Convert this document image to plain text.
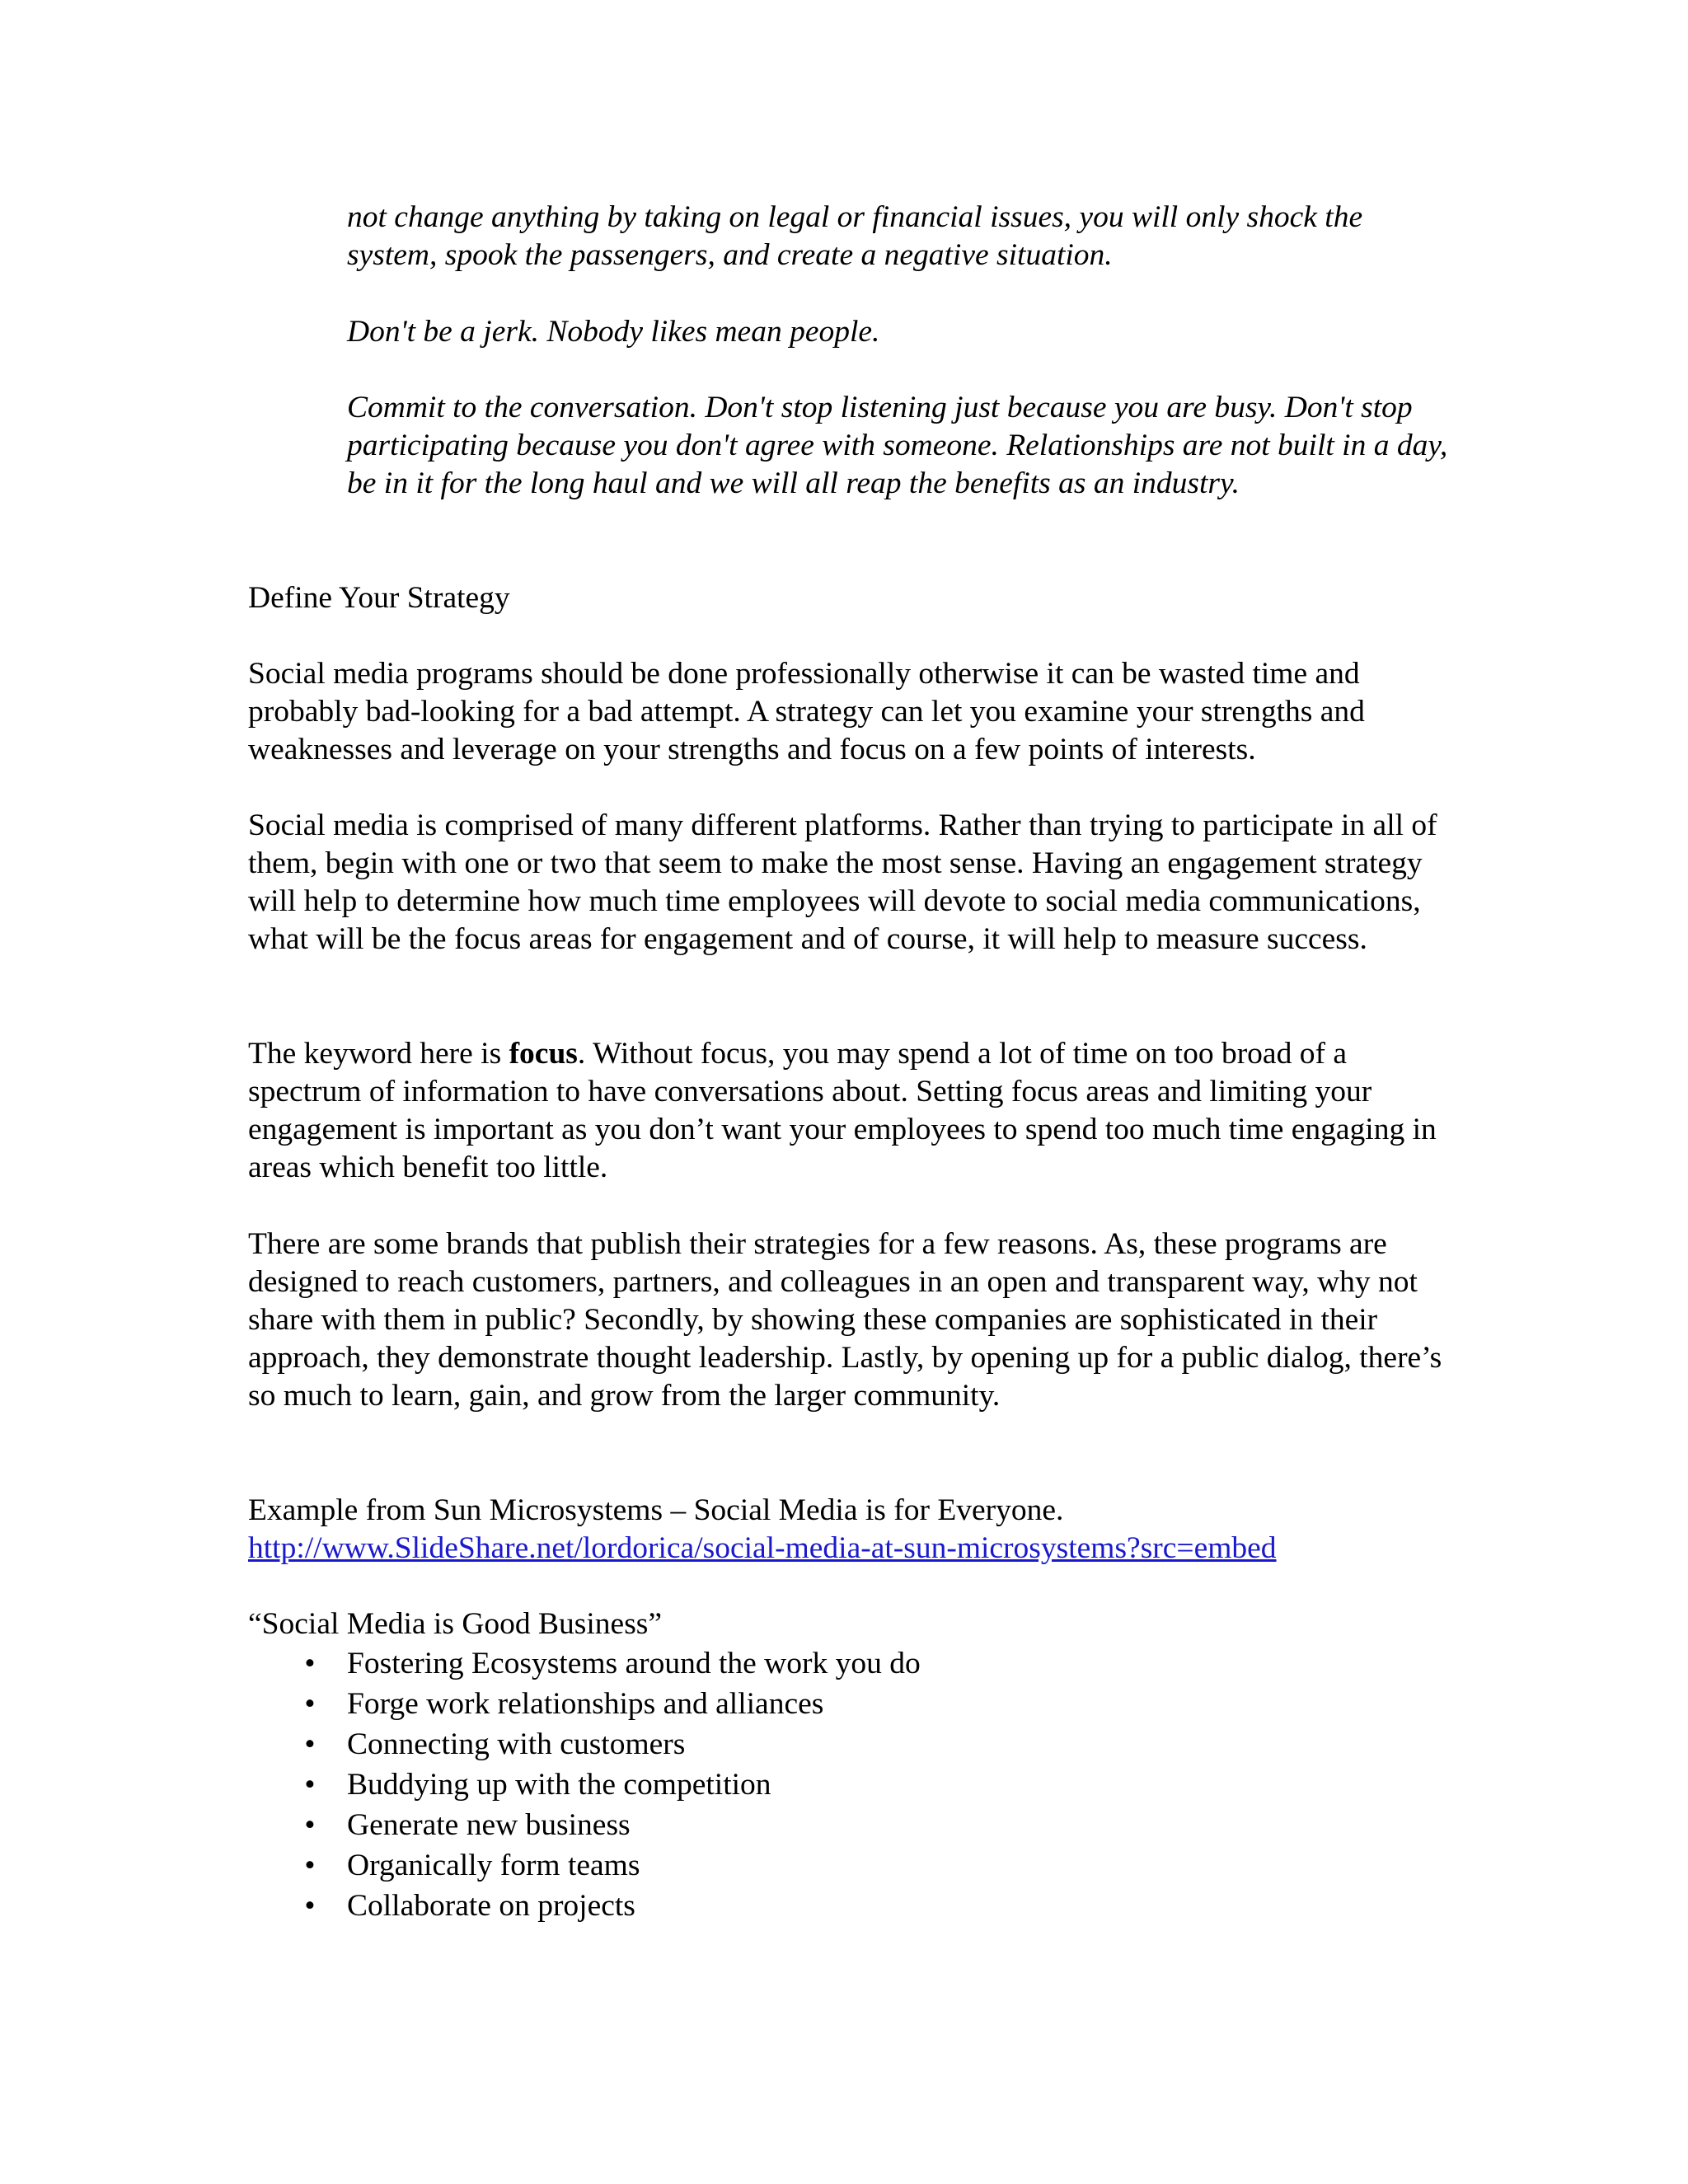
not change anything by taking on legal or financial issues, you will only shock the system, spook the passengers, and create a negative situation.

Don't be a jerk. Nobody likes mean people.

Commit to the conversation. Don't stop listening just because you are busy. Don't stop participating because you don't agree with someone. Relationships are not built in a day, be in it for the long haul and we will all reap the benefits as an industry.

Define Your Strategy

Social media programs should be done professionally otherwise it can be wasted time and probably bad-looking for a bad attempt. A strategy can let you examine your strengths and weaknesses and leverage on your strengths and focus on a few points of interests.

Social media is comprised of many different platforms. Rather than trying to participate in all of them, begin with one or two that seem to make the most sense. Having an engagement strategy will help to determine how much time employees will devote to social media communications, what will be the focus areas for engagement and of course, it will help to measure success.

The keyword here is focus. Without focus, you may spend a lot of time on too broad of a spectrum of information to have conversations about. Setting focus areas and limiting your engagement is important as you don’t want your employees to spend too much time engaging in areas which benefit too little.

There are some brands that publish their strategies for a few reasons. As, these programs are designed to reach customers, partners, and colleagues in an open and transparent way, why not share with them in public? Secondly, by showing these companies are sophisticated in their approach, they demonstrate thought leadership. Lastly, by opening up for a public dialog, there’s so much to learn, gain, and grow from the larger community.

Example from Sun Microsystems – Social Media is for Everyone.
http://www.SlideShare.net/lordorica/social-media-at-sun-microsystems?src=embed
“Social Media is Good Business”
• Fostering Ecosystems around the work you do
• Forge work relationships and alliances
• Connecting with customers
• Buddying up with the competition
• Generate new business
• Organically form teams
• Collaborate on projects
